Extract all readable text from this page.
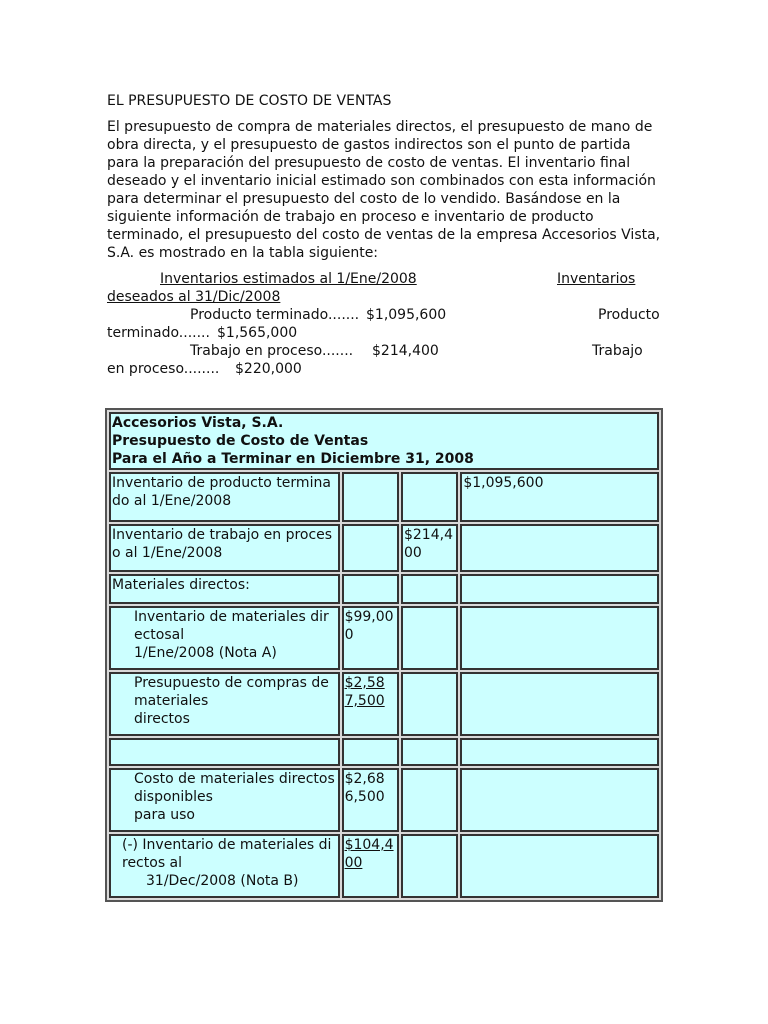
EL PRESUPUESTO DE COSTO DE VENTAS

El presupuesto de compra de materiales directos, el presupuesto de mano de obra directa, y el presupuesto de gastos indirectos son el punto de partida para la preparación del presupuesto de costo de ventas. El inventario final deseado y el inventario inicial estimado son combinados con esta información para determinar el presupuesto del costo de lo vendido. Basándose en la siguiente información de trabajo en proceso e inventario de producto terminado, el presupuesto del costo de ventas de la empresa Accesorios Vista, S.A. es mostrado en la tabla siguiente:

Inventarios estimados al 1/Ene/2008	Inventarios
deseados al 31/Dic/2008
Producto terminado....... $1,095,600	Producto
terminado....... $1,565,000
Trabajo en proceso....... $214,400	Trabajo
en proceso........ $220,000
Accesorios Vista, S.A.
Presupuesto de Costo de Ventas
Para el Año a Terminar en Diciembre 31, 2008			

Inventario de producto terminado al 1/Ene/2008			$1,095,600
Inventario de trabajo en proceso al 1/Ene/2008		$214,400	
Materiales directos:			

Inventario de materiales directosal
1/Ene/2008 (Nota A)	$99,000		

Presupuesto de compras de materiales
directos	$2,587,500		

Costo de materiales directos disponibles
para uso	$2,686,500		

(-) Inventario de materiales directos al
31/Dec/2008 (Nota B)	$104,400		
